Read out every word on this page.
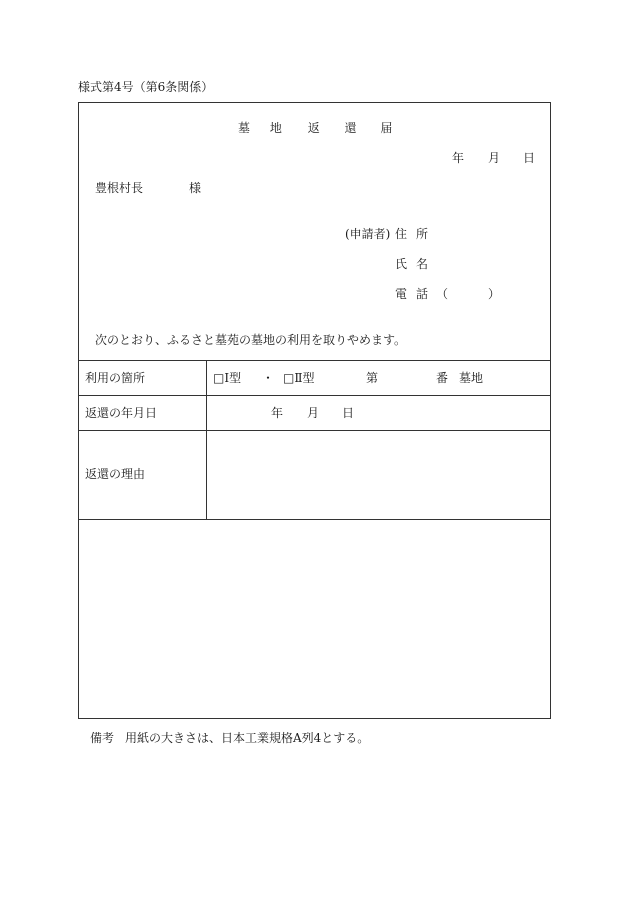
様式第4号（第6条関係）
墓 地 返 還 届
年 月 日
豊根村長	様
(申請者) 住 所
氏 名
電 話 （	）
次のとおり、ふるさと墓苑の墓地の利用を取りやめます。
利用の箇所	□Ⅰ型 ・ □Ⅱ型	第	番 墓地
返還の年月日	年 月 日
返還の理由
備考 用紙の大きさは、日本工業規格A列4とする。
